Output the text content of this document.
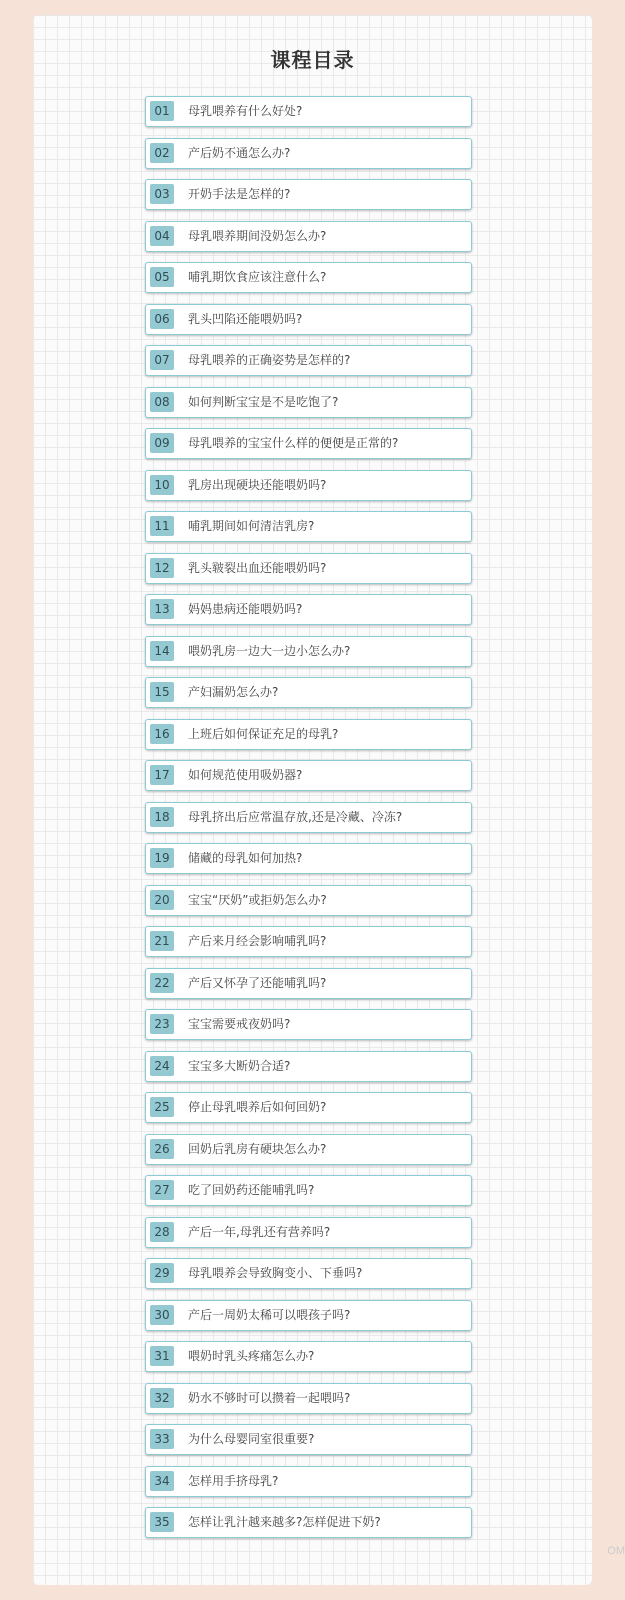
课程目录
01	母乳喂养有什么好处?
02	产后奶不通怎么办?
03	开奶手法是怎样的?
04	母乳喂养期间没奶怎么办?
05	哺乳期饮食应该注意什么?
06	乳头凹陷还能喂奶吗?
07	母乳喂养的正确姿势是怎样的?
08	如何判断宝宝是不是吃饱了?
09	母乳喂养的宝宝什么样的便便是正常的?
10	乳房出现硬块还能喂奶吗?
11	哺乳期间如何清洁乳房?
12	乳头皲裂出血还能喂奶吗?
13	妈妈患病还能喂奶吗?
14	喂奶乳房一边大一边小怎么办?
15	产妇漏奶怎么办?
16	上班后如何保证充足的母乳?
17	如何规范使用吸奶器?
18	母乳挤出后应常温存放,还是冷藏、冷冻?
19	储藏的母乳如何加热?
20	宝宝“厌奶”或拒奶怎么办?
21	产后来月经会影响哺乳吗?
22	产后又怀孕了还能哺乳吗?
23	宝宝需要戒夜奶吗?
24	宝宝多大断奶合适?
25	停止母乳喂养后如何回奶?
26	回奶后乳房有硬块怎么办?
27	吃了回奶药还能哺乳吗?
28	产后一年,母乳还有营养吗?
29	母乳喂养会导致胸变小、下垂吗?
30	产后一周奶太稀可以喂孩子吗?
31	喂奶时乳头疼痛怎么办?
32	奶水不够时可以攒着一起喂吗?
33	为什么母婴同室很重要?
34	怎样用手挤母乳?
35	怎样让乳汁越来越多?怎样促进下奶?
OM
